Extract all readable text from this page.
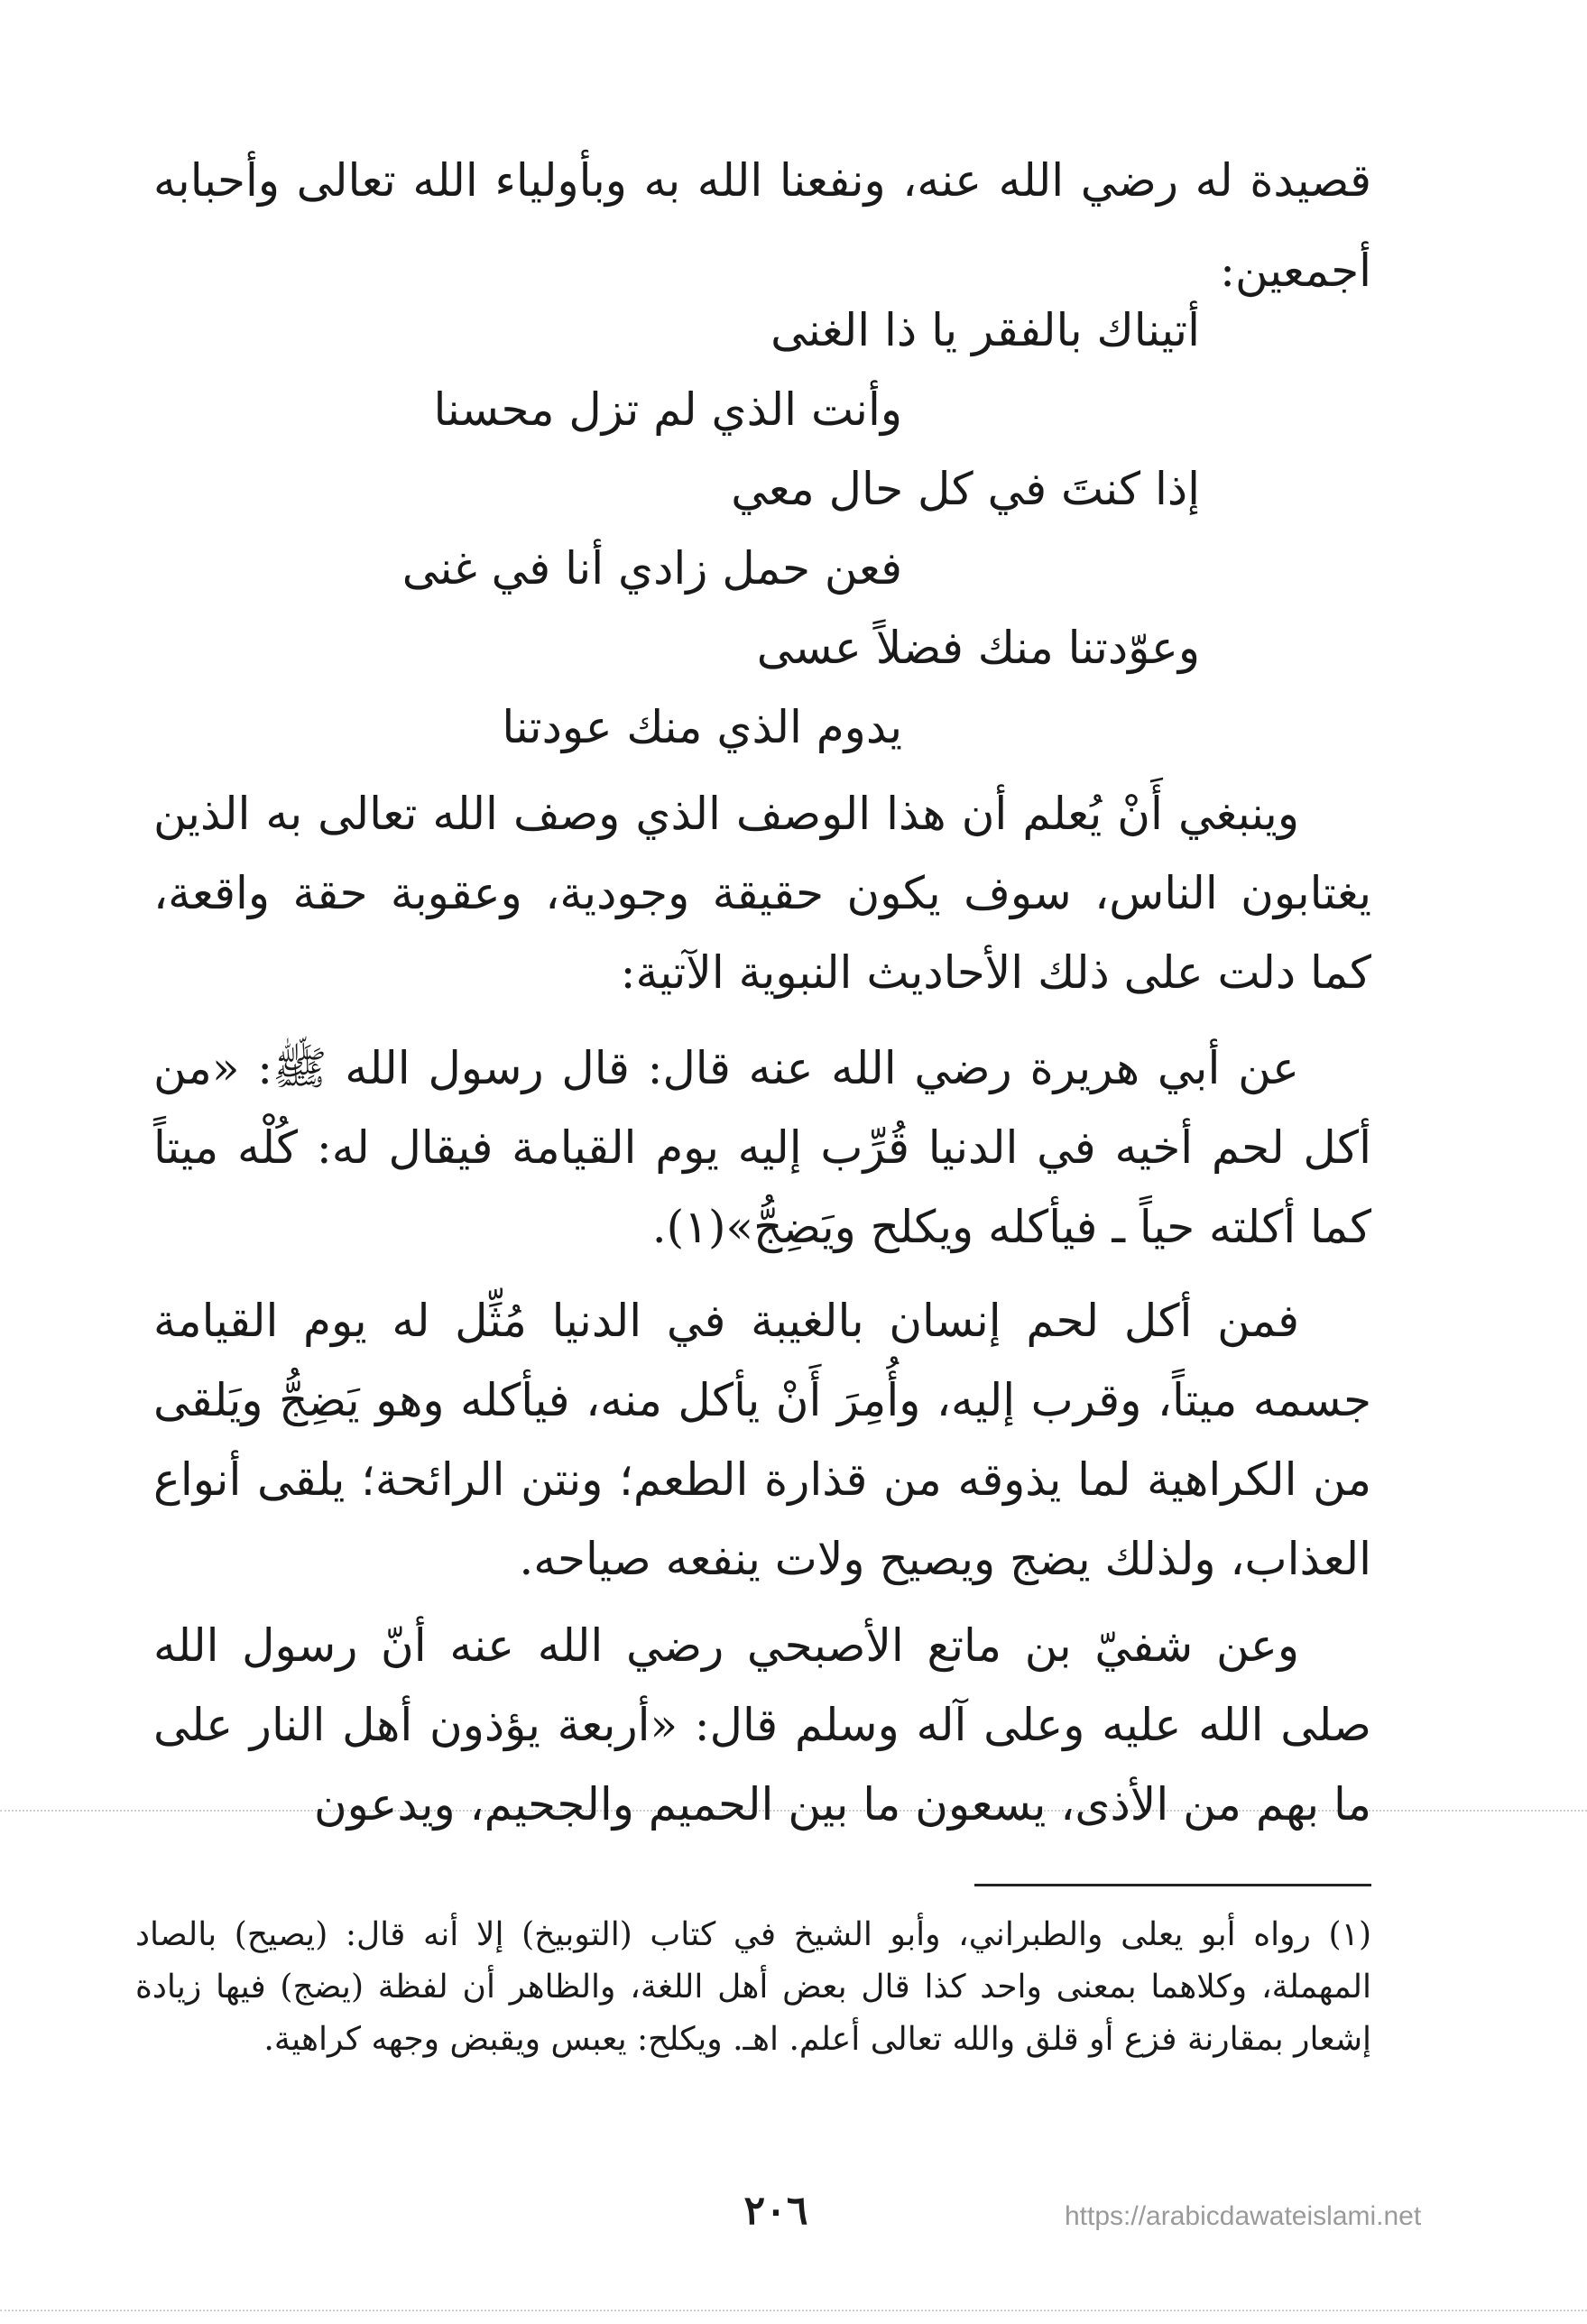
قصيدة له رضي الله عنه، ونفعنا الله به وبأولياء الله تعالى وأحبابه أجمعين:
أتيناك بالفقر يا ذا الغنى
وأنت الذي لم تزل محسنا
إذا كنتَ في كل حال معي
فعن حمل زادي أنا في غنى
وعوّدتنا منك فضلاً عسى
يدوم الذي منك عودتنا
وينبغي أَنْ يُعلم أن هذا الوصف الذي وصف الله تعالى به الذين يغتابون الناس، سوف يكون حقيقة وجودية، وعقوبة حقة واقعة، كما دلت على ذلك الأحاديث النبوية الآتية:
عن أبي هريرة رضي الله عنه قال: قال رسول الله ﷺ: «من أكل لحم أخيه في الدنيا قُرِّب إليه يوم القيامة فيقال له: كُلْه ميتاً كما أكلته حياً ـ فيأكله ويكلح ويَضِجُّ»(١).
فمن أكل لحم إنسان بالغيبة في الدنيا مُثِّل له يوم القيامة جسمه ميتاً، وقرب إليه، وأُمِرَ أَنْ يأكل منه، فيأكله وهو يَضِجُّ ويَلقى من الكراهية لما يذوقه من قذارة الطعم؛ ونتن الرائحة؛ يلقى أنواع العذاب، ولذلك يضج ويصيح ولات ينفعه صياحه.
وعن شفيّ بن ماتع الأصبحي رضي الله عنه أنّ رسول الله صلى الله عليه وعلى آله وسلم قال: «أربعة يؤذون أهل النار على ما بهم من الأذى، يسعون ما بين الحميم والجحيم، ويدعون
(١) رواه أبو يعلى والطبراني، وأبو الشيخ في كتاب (التوبيخ) إلا أنه قال: (يصيح) بالصاد المهملة، وكلاهما بمعنى واحد كذا قال بعض أهل اللغة، والظاهر أن لفظة (يضج) فيها زيادة إشعار بمقارنة فزع أو قلق والله تعالى أعلم. اهـ. ويكلح: يعبس ويقبض وجهه كراهية.
٢٠٦	https://arabicdawateislami.net
